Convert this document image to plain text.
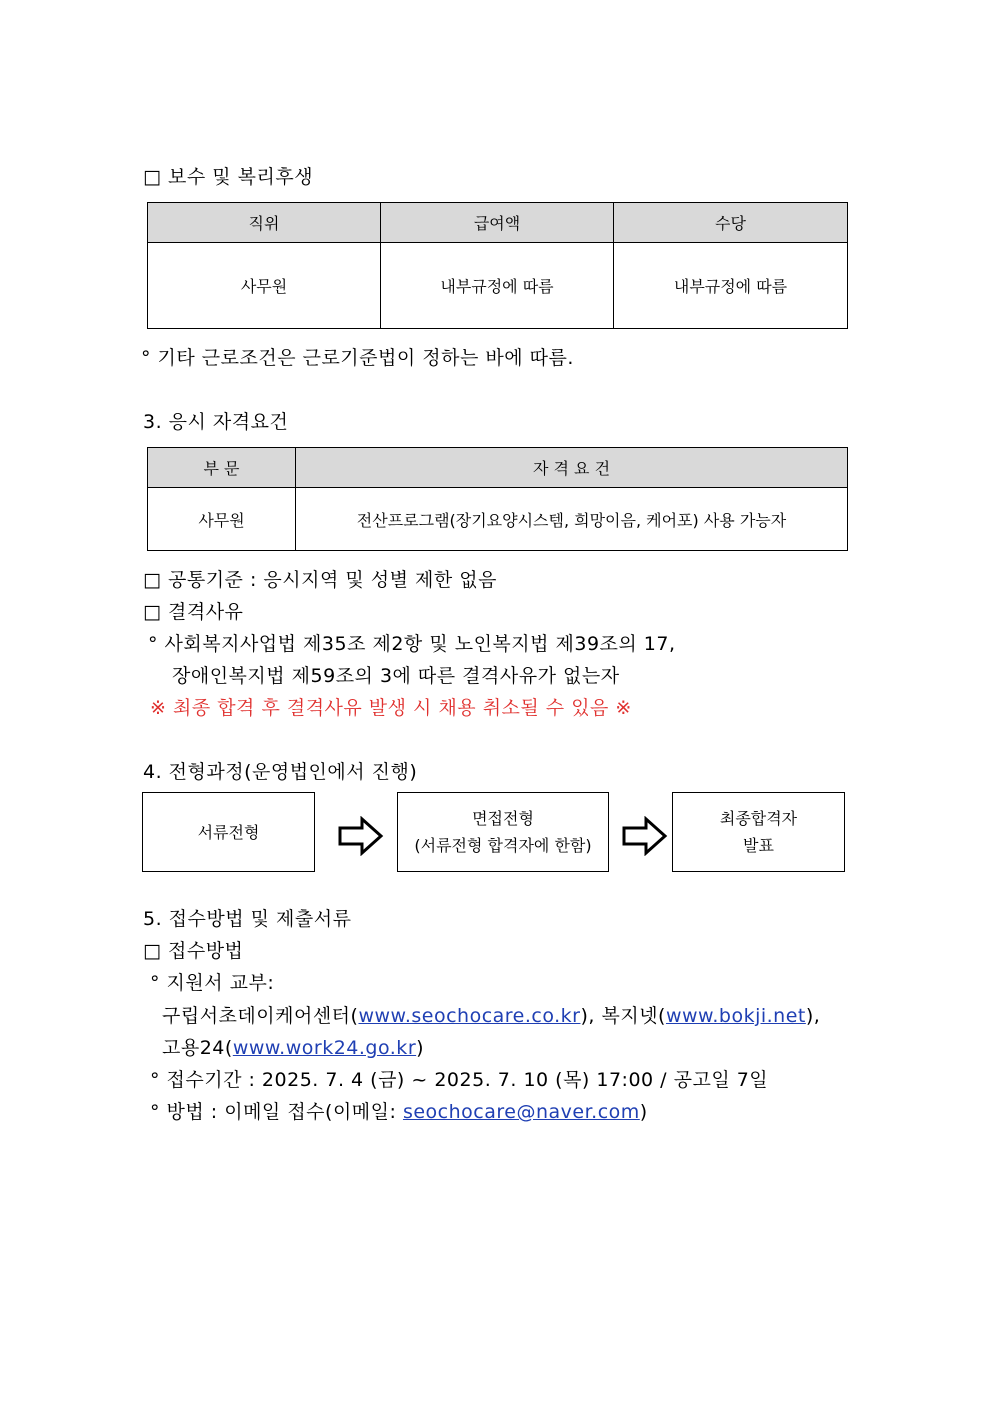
□ 보수 및 복리후생
직위	급여액	수당
사무원	내부규정에 따름	내부규정에 따름
° 기타 근로조건은 근로기준법이 정하는 바에 따름.
3. 응시 자격요건
부 문	자 격 요 건
사무원	전산프로그램(장기요양시스템, 희망이음, 케어포) 사용 가능자
□ 공통기준 : 응시지역 및 성별 제한 없음
□ 결격사유
° 사회복지사업법 제35조 제2항 및 노인복지법 제39조의 17,
장애인복지법 제59조의 3에 따른 결격사유가 없는자
※ 최종 합격 후 결격사유 발생 시 채용 취소될 수 있음 ※
4. 전형과정(운영법인에서 진행)
서류전형
면접전형
(서류전형 합격자에 한함)
최종합격자
발표
5. 접수방법 및 제출서류
□ 접수방법
° 지원서 교부:
구립서초데이케어센터(www.seochocare.co.kr), 복지넷(www.bokji.net),
고용24(www.work24.go.kr)
° 접수기간 : 2025. 7. 4 (금) ~ 2025. 7. 10 (목) 17:00 / 공고일 7일
° 방법 : 이메일 접수(이메일: seochocare@naver.com)
